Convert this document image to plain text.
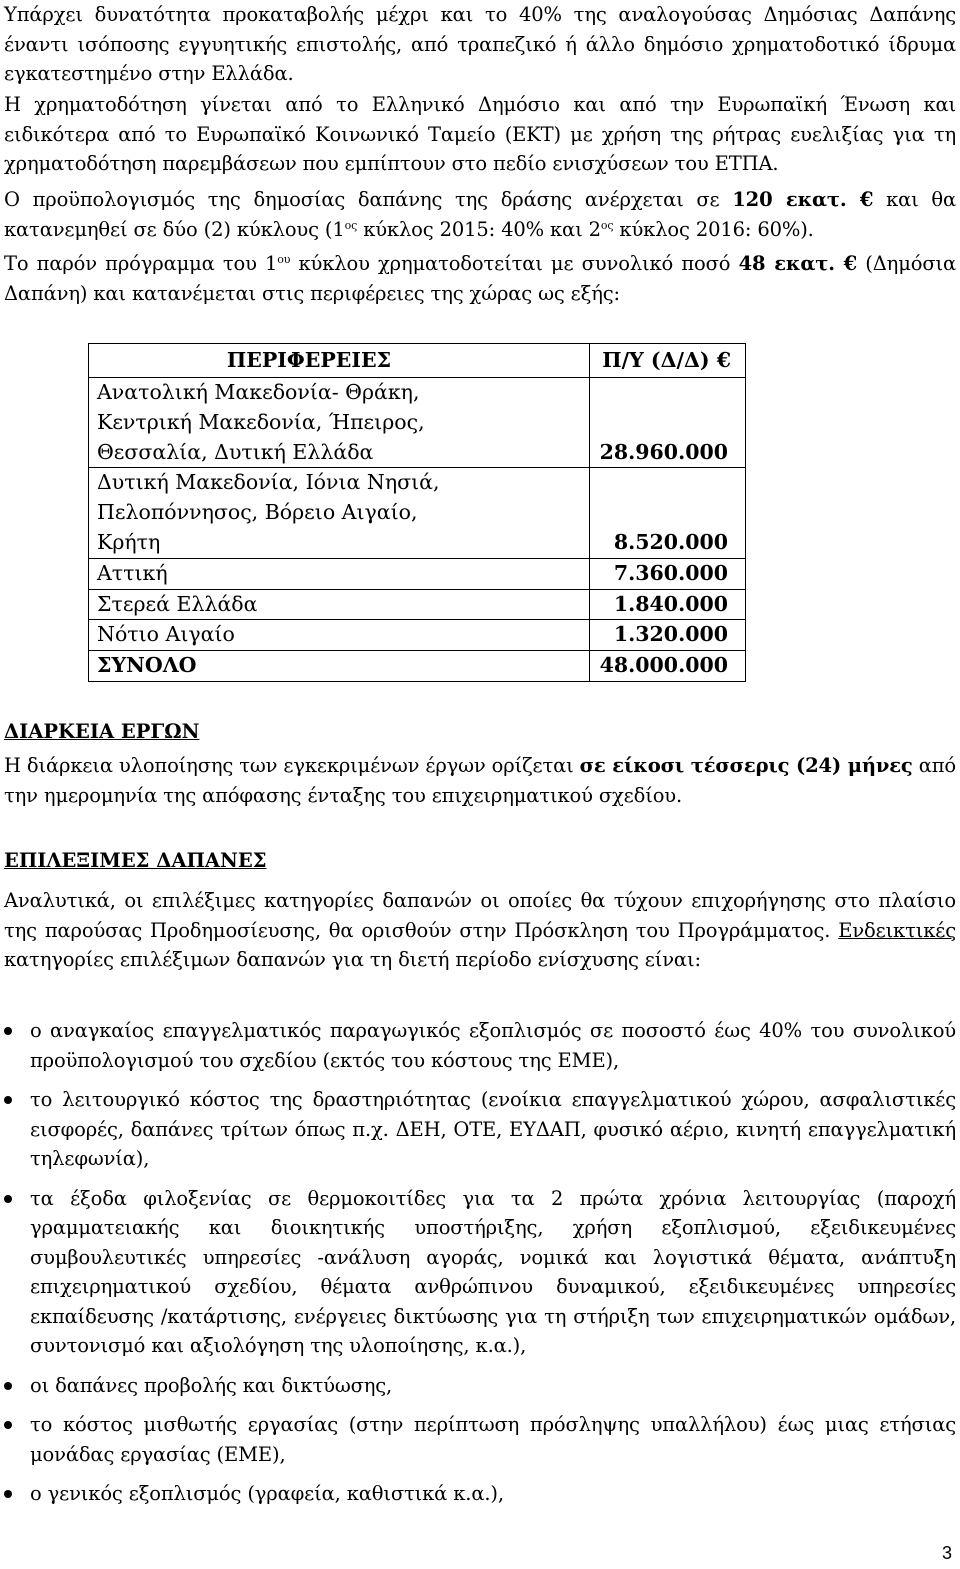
Υπάρχει δυνατότητα προκαταβολής μέχρι και το 40% της αναλογούσας Δημόσιας Δαπάνης έναντι ισόποσης εγγυητικής επιστολής, από τραπεζικό ή άλλο δημόσιο χρηματοδοτικό ίδρυμα εγκατεστημένο στην Ελλάδα.

Η χρηματοδότηση γίνεται από το Ελληνικό Δημόσιο και από την Ευρωπαϊκή Ένωση και ειδικότερα από το Ευρωπαϊκό Κοινωνικό Ταμείο (ΕΚΤ) με χρήση της ρήτρας ευελιξίας για τη χρηματοδότηση παρεμβάσεων που εμπίπτουν στο πεδίο ενισχύσεων του ΕΤΠΑ.

Ο προϋπολογισμός της δημοσίας δαπάνης της δράσης ανέρχεται σε 120 εκατ. € και θα κατανεμηθεί σε δύο (2) κύκλους ($1^{o\varsigma}$ κύκλος 2015: 40% και $2^{o\varsigma}$ κύκλος 2016: 60%).

Το παρόν πρόγραμμα του $1^{o\upsilon}$ κύκλου χρηματοδοτείται με συνολικό ποσό 48 εκατ. € (Δημόσια Δαπάνη) και κατανέμεται στις περιφέρειες της χώρας ως εξής:

ΠΕΡΙΦΕΡΕΙΕΣ	Π/Υ (Δ/Δ) €
Ανατολική Μακεδονία- Θράκη,
Κεντρική Μακεδονία, Ήπειρος,
Θεσσαλία, Δυτική Ελλάδα	28.960.000
Δυτική Μακεδονία, Ιόνια Νησιά,
Πελοπόννησος, Βόρειο Αιγαίο,
Κρήτη	8.520.000
Αττική	7.360.000
Στερεά Ελλάδα	1.840.000
Νότιο Αιγαίο	1.320.000
ΣΥΝΟΛΟ	48.000.000
ΔΙΑΡΚΕΙΑ ΕΡΓΩΝ

Η διάρκεια υλοποίησης των εγκεκριμένων έργων ορίζεται σε είκοσι τέσσερις (24) μήνες από την ημερομηνία της απόφασης ένταξης του επιχειρηματικού σχεδίου.

ΕΠΙΛΕΞΙΜΕΣ ΔΑΠΑΝΕΣ

Αναλυτικά, οι επιλέξιμες κατηγορίες δαπανών οι οποίες θα τύχουν επιχορήγησης στο πλαίσιο της παρούσας Προδημοσίευσης, θα ορισθούν στην Πρόσκληση του Προγράμματος. Ενδεικτικές κατηγορίες επιλέξιμων δαπανών για τη διετή περίοδο ενίσχυσης είναι:

ο αναγκαίος επαγγελματικός παραγωγικός εξοπλισμός σε ποσοστό έως 40% του συνολικού προϋπολογισμού του σχεδίου (εκτός του κόστους της ΕΜΕ),
το λειτουργικό κόστος της δραστηριότητας (ενοίκια επαγγελματικού χώρου, ασφαλιστικές εισφορές, δαπάνες τρίτων όπως π.χ. ΔΕΗ, ΟΤΕ, ΕΥΔΑΠ, φυσικό αέριο, κινητή επαγγελματική τηλεφωνία),
τα έξοδα φιλοξενίας σε θερμοκοιτίδες για τα 2 πρώτα χρόνια λειτουργίας (παροχή γραμματειακής και διοικητικής υποστήριξης, χρήση εξοπλισμού, εξειδικευμένες συμβουλευτικές υπηρεσίες -ανάλυση αγοράς, νομικά και λογιστικά θέματα, ανάπτυξη επιχειρηματικού σχεδίου, θέματα ανθρώπινου δυναμικού, εξειδικευμένες υπηρεσίες εκπαίδευσης /κατάρτισης, ενέργειες δικτύωσης για τη στήριξη των επιχειρηματικών ομάδων, συντονισμό και αξιολόγηση της υλοποίησης, κ.α.),
οι δαπάνες προβολής και δικτύωσης,
το κόστος μισθωτής εργασίας (στην περίπτωση πρόσληψης υπαλλήλου) έως μιας ετήσιας μονάδας εργασίας (ΕΜΕ),
ο γενικός εξοπλισμός (γραφεία, καθιστικά κ.α.),
3
